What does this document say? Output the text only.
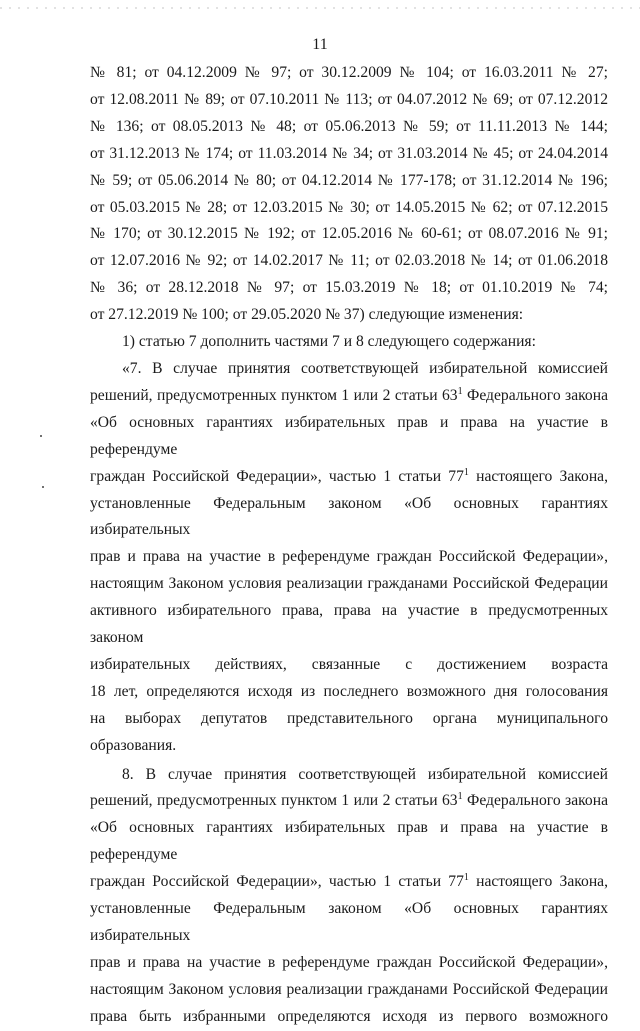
11

№ 81; от 04.12.2009 № 97; от 30.12.2009 № 104; от 16.03.2011 № 27;

от 12.08.2011 № 89; от 07.10.2011 № 113; от 04.07.2012 № 69; от 07.12.2012

№ 136; от 08.05.2013 № 48; от 05.06.2013 № 59; от 11.11.2013 № 144;

от 31.12.2013 № 174; от 11.03.2014 № 34; от 31.03.2014 № 45; от 24.04.2014

№ 59; от 05.06.2014 № 80; от 04.12.2014 № 177-178; от 31.12.2014 № 196;

от 05.03.2015 № 28; от 12.03.2015 № 30; от 14.05.2015 № 62; от 07.12.2015

№ 170; от 30.12.2015 № 192; от 12.05.2016 № 60-61; от 08.07.2016 № 91;

от 12.07.2016 № 92; от 14.02.2017 № 11; от 02.03.2018 № 14; от 01.06.2018

№ 36; от 28.12.2018 № 97; от 15.03.2019 № 18; от 01.10.2019 № 74;

от 27.12.2019 № 100; от 29.05.2020 № 37) следующие изменения:

1) статью 7 дополнить частями 7 и 8 следующего содержания:

«7. В случае принятия соответствующей избирательной комиссией

решений, предусмотренных пунктом 1 или 2 статьи $63^1$ Федерального закона

«Об основных гарантиях избирательных прав и права на участие в референдуме

граждан Российской Федерации», частью 1 статьи $77^1$ настоящего Закона,

установленные Федеральным законом «Об основных гарантиях избирательных

прав и права на участие в референдуме граждан Российской Федерации»,

настоящим Законом условия реализации гражданами Российской Федерации

активного избирательного права, права на участие в предусмотренных законом

избирательных действиях, связанные с достижением возраста

18 лет, определяются исходя из последнего возможного дня голосования

на выборах депутатов представительного органа муниципального образования.

8. В случае принятия соответствующей избирательной комиссией

решений, предусмотренных пунктом 1 или 2 статьи $63^1$ Федерального закона

«Об основных гарантиях избирательных прав и права на участие в референдуме

граждан Российской Федерации», частью 1 статьи $77^1$ настоящего Закона,

установленные Федеральным законом «Об основных гарантиях избирательных

прав и права на участие в референдуме граждан Российской Федерации»,

настоящим Законом условия реализации гражданами Российской Федерации

права быть избранными определяются исходя из первого возможного
